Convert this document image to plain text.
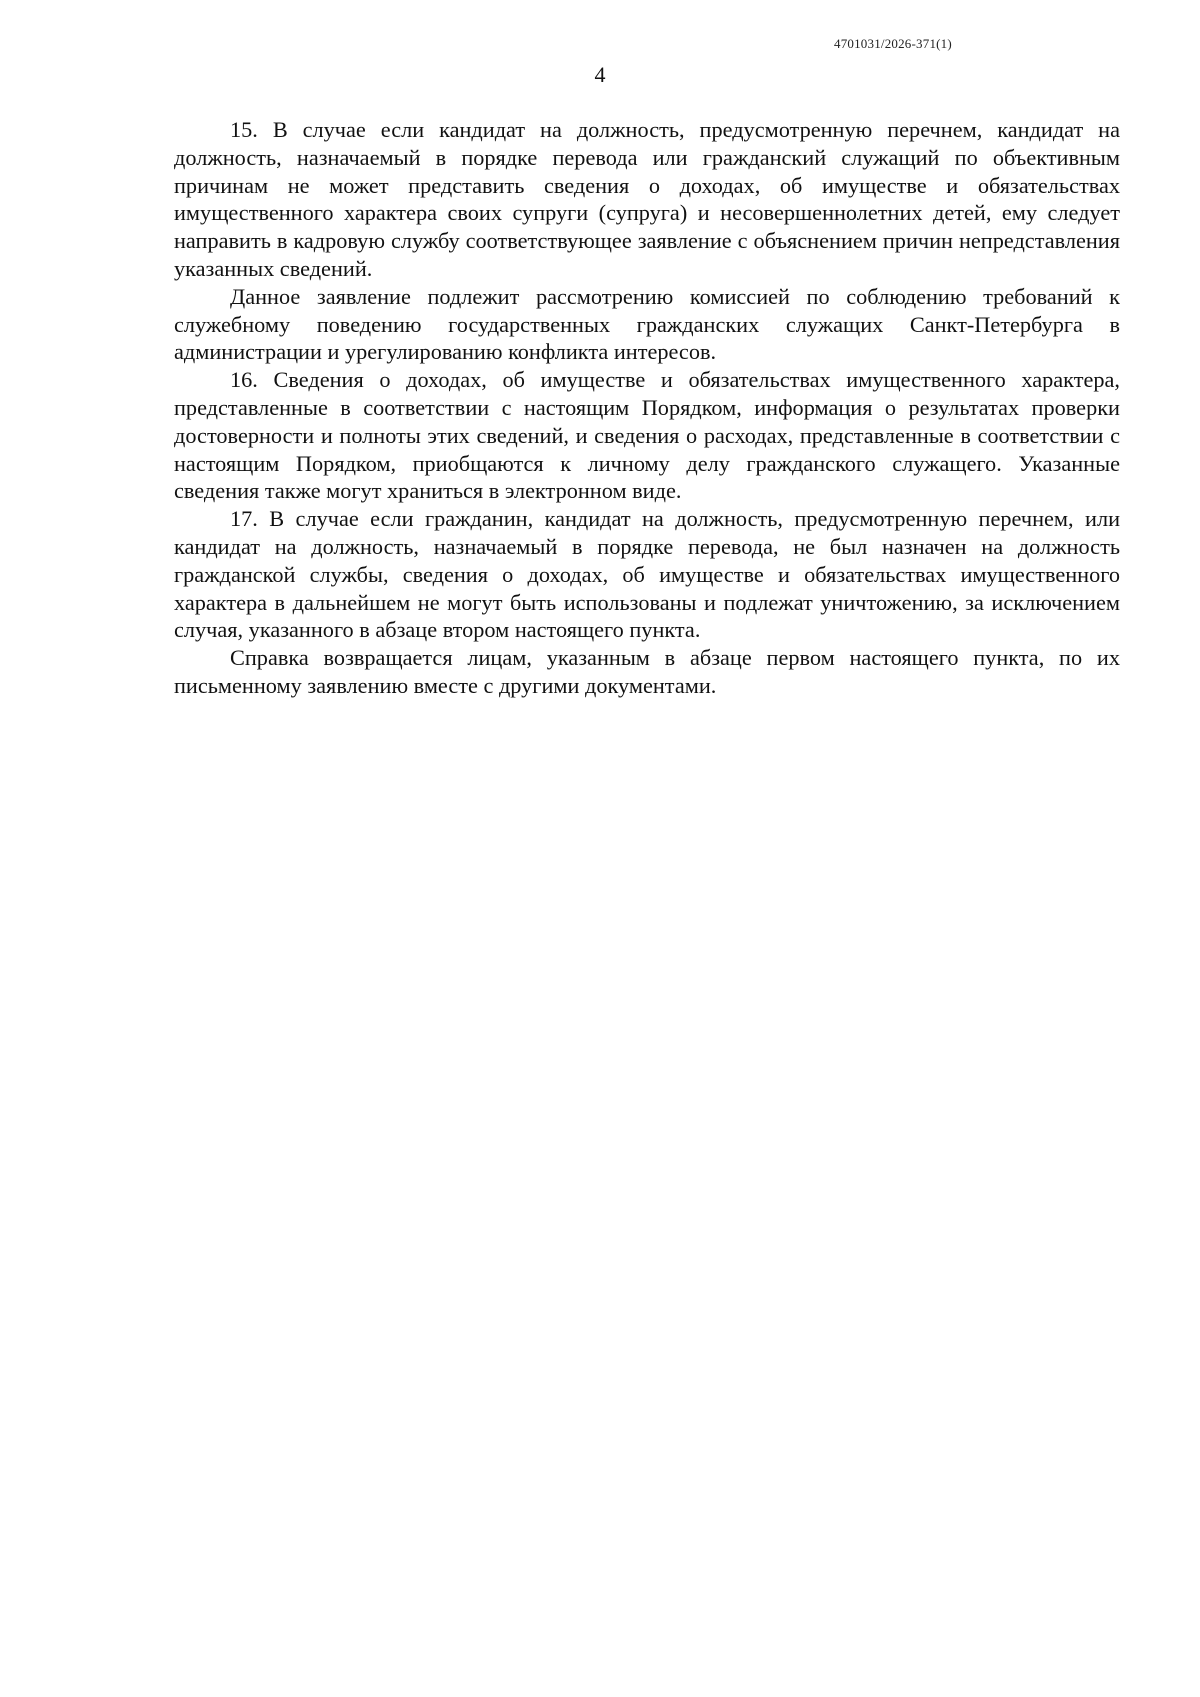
4701031/2026-371(1)
4

15. В случае если кандидат на должность, предусмотренную перечнем, кандидат на должность, назначаемый в порядке перевода или гражданский служащий по объективным причинам не может представить сведения о доходах, об имуществе и обязательствах имущественного характера своих супруги (супруга) и несовершеннолетних детей, ему следует направить в кадровую службу соответствующее заявление с объяснением причин непредставления указанных сведений.

Данное заявление подлежит рассмотрению комиссией по соблюдению требований к служебному поведению государственных гражданских служащих Санкт-Петербурга в администрации и урегулированию конфликта интересов.

16. Сведения о доходах, об имуществе и обязательствах имущественного характера, представленные в соответствии с настоящим Порядком, информация о результатах проверки достоверности и полноты этих сведений, и сведения о расходах, представленные в соответствии с настоящим Порядком, приобщаются к личному делу гражданского служащего. Указанные сведения также могут храниться в электронном виде.

17. В случае если гражданин, кандидат на должность, предусмотренную перечнем, или кандидат на должность, назначаемый в порядке перевода, не был назначен на должность гражданской службы, сведения о доходах, об имуществе и обязательствах имущественного характера в дальнейшем не могут быть использованы и подлежат уничтожению, за исключением случая, указанного в абзаце втором настоящего пункта.

Справка возвращается лицам, указанным в абзаце первом настоящего пункта, по их письменному заявлению вместе с другими документами.
